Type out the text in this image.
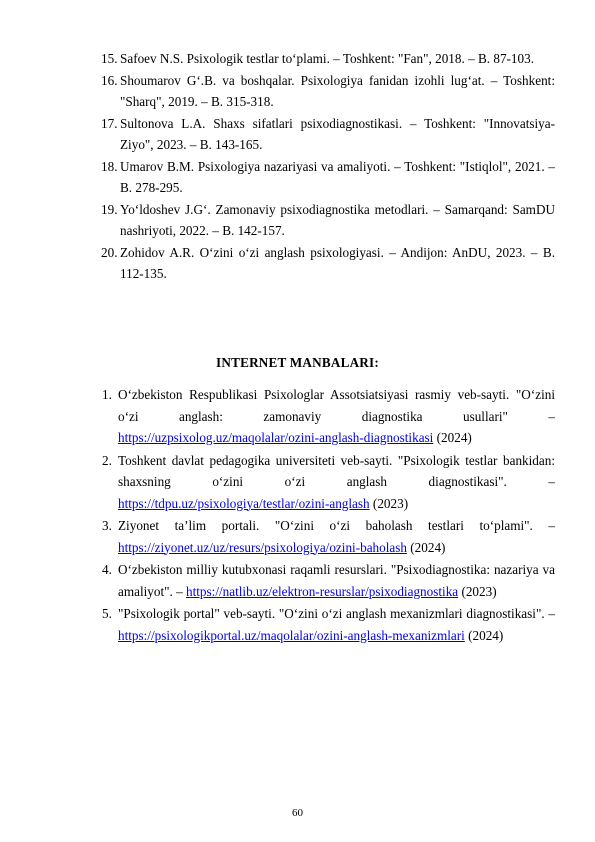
15. Safoev N.S. Psixologik testlar to‘plami. – Toshkent: "Fan", 2018. – B. 87-103.
16. Shoumarov G‘.B. va boshqalar. Psixologiya fanidan izohli lug‘at. – Toshkent: "Sharq", 2019. – B. 315-318.
17. Sultonova L.A. Shaxs sifatlari psixodiagnostikasi. – Toshkent: "Innovatsiya-Ziyo", 2023. – B. 143-165.
18. Umarov B.M. Psixologiya nazariyasi va amaliyoti. – Toshkent: "Istiqlol", 2021. – B. 278-295.
19. Yo‘ldoshev J.G‘. Zamonaviy psixodiagnostika metodlari. – Samarqand: SamDU nashriyoti, 2022. – B. 142-157.
20. Zohidov A.R. O‘zini o‘zi anglash psixologiyasi. – Andijon: AnDU, 2023. – B. 112-135.
INTERNET MANBALARI:
1. O‘zbekiston Respublikasi Psixologlar Assotsiatsiyasi rasmiy veb-sayti. "O‘zini o‘zi anglash: zamonaviy diagnostika usullari" – https://uzpsixolog.uz/maqolalar/ozini-anglash-diagnostikasi (2024)
2. Toshkent davlat pedagogika universiteti veb-sayti. "Psixologik testlar bankidan: shaxsning o‘zini o‘zi anglash diagnostikasi". – https://tdpu.uz/psixologiya/testlar/ozini-anglash (2023)
3. Ziyonet ta’lim portali. "O‘zini o‘zi baholash testlari to‘plami". – https://ziyonet.uz/uz/resurs/psixologiya/ozini-baholash (2024)
4. O‘zbekiston milliy kutubxonasi raqamli resurslari. "Psixodiagnostika: nazariya va amaliyot". – https://natlib.uz/elektron-resurslar/psixodiagnostika (2023)
5. "Psixologik portal" veb-sayti. "O‘zini o‘zi anglash mexanizmlari diagnostikasi". – https://psixologikportal.uz/maqolalar/ozini-anglash-mexanizmlari (2024)
60
